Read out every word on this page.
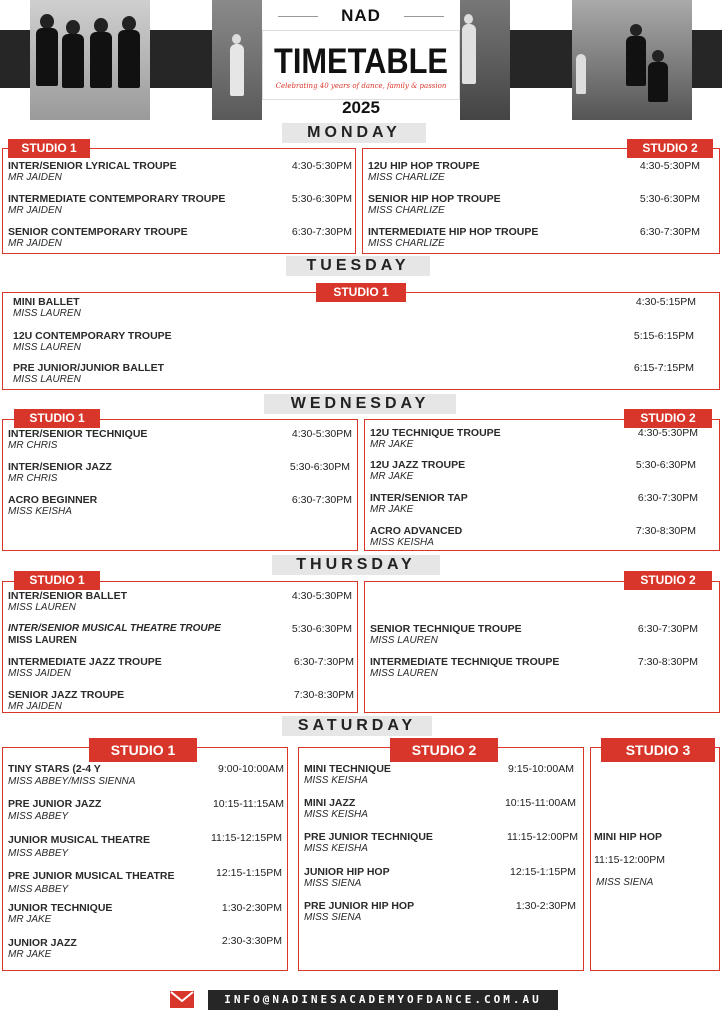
NAD
TIMETABLE
Celebrating 40 years of dance, family & passion
2025
MONDAY
STUDIO 1
INTER/SENIOR LYRICAL TROUPE
MR JAIDEN
4:30-5:30PM
INTERMEDIATE CONTEMPORARY TROUPE
MR JAIDEN
5:30-6:30PM
SENIOR CONTEMPORARY TROUPE
MR JAIDEN
6:30-7:30PM
STUDIO 2
12U HIP HOP TROUPE
MISS CHARLIZE
4:30-5:30PM
SENIOR HIP HOP TROUPE
MISS CHARLIZE
5:30-6:30PM
INTERMEDIATE HIP HOP TROUPE
MISS CHARLIZE
6:30-7:30PM
TUESDAY
STUDIO 1
MINI BALLET
MISS LAUREN
4:30-5:15PM
12U CONTEMPORARY TROUPE
MISS LAUREN
5:15-6:15PM
PRE JUNIOR/JUNIOR BALLET
MISS LAUREN
6:15-7:15PM
WEDNESDAY
STUDIO 1
INTER/SENIOR TECHNIQUE
MR CHRIS
4:30-5:30PM
INTER/SENIOR JAZZ
MR CHRIS
5:30-6:30PM
ACRO BEGINNER
MISS KEISHA
6:30-7:30PM
STUDIO 2
12U TECHNIQUE TROUPE
MR JAKE
4:30-5:30PM
12U JAZZ TROUPE
MR JAKE
5:30-6:30PM
INTER/SENIOR TAP
MR JAKE
6:30-7:30PM
ACRO ADVANCED
MISS KEISHA
7:30-8:30PM
THURSDAY
STUDIO 1
INTER/SENIOR BALLET
MISS LAUREN
4:30-5:30PM
INTER/SENIOR MUSICAL THEATRE TROUPE
MISS LAUREN
5:30-6:30PM
INTERMEDIATE JAZZ TROUPE
MISS JAIDEN
6:30-7:30PM
SENIOR JAZZ TROUPE
MR JAIDEN
7:30-8:30PM
STUDIO 2
SENIOR TECHNIQUE TROUPE
MISS LAUREN
6:30-7:30PM
INTERMEDIATE TECHNIQUE TROUPE
MISS LAUREN
7:30-8:30PM
SATURDAY
STUDIO 1
TINY STARS (2-4 Y
MISS ABBEY/MISS SIENNA
9:00-10:00AM
PRE JUNIOR JAZZ
MISS ABBEY
10:15-11:15AM
JUNIOR MUSICAL THEATRE
MISS ABBEY
11:15-12:15PM
PRE JUNIOR MUSICAL THEATRE
MISS ABBEY
12:15-1:15PM
JUNIOR TECHNIQUE
MR JAKE
1:30-2:30PM
JUNIOR JAZZ
MR JAKE
2:30-3:30PM
STUDIO 2
MINI TECHNIQUE
MISS KEISHA
9:15-10:00AM
MINI JAZZ
MISS KEISHA
10:15-11:00AM
PRE JUNIOR TECHNIQUE
MISS KEISHA
11:15-12:00PM
JUNIOR HIP HOP
MISS SIENA
12:15-1:15PM
PRE JUNIOR HIP HOP
MISS SIENA
1:30-2:30PM
STUDIO 3
MINI HIP HOP
11:15-12:00PM
MISS SIENA
INFO@NADINESACADEMYOFDANCE.COM.AU
